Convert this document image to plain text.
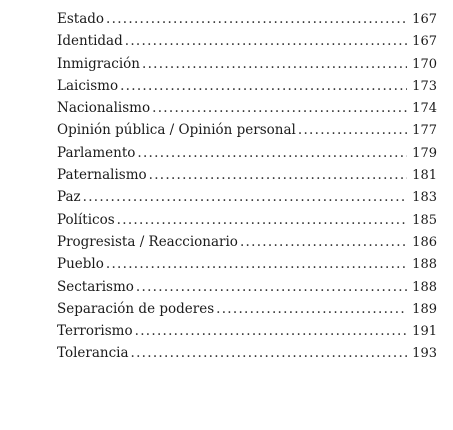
Estado . . .	167
Identidad . . .	167
Inmigración . . .	170
Laicismo . . .	173
Nacionalismo . . .	174
Opinión pública / Opinión personal . . .	177
Parlamento . . .	179
Paternalismo . . .	181
Paz . . .	183
Políticos . . .	185
Progresista / Reaccionario . . .	186
Pueblo . . .	188
Sectarismo . . .	188
Separación de poderes . . .	189
Terrorismo . . .	191
Tolerancia . . .	193
